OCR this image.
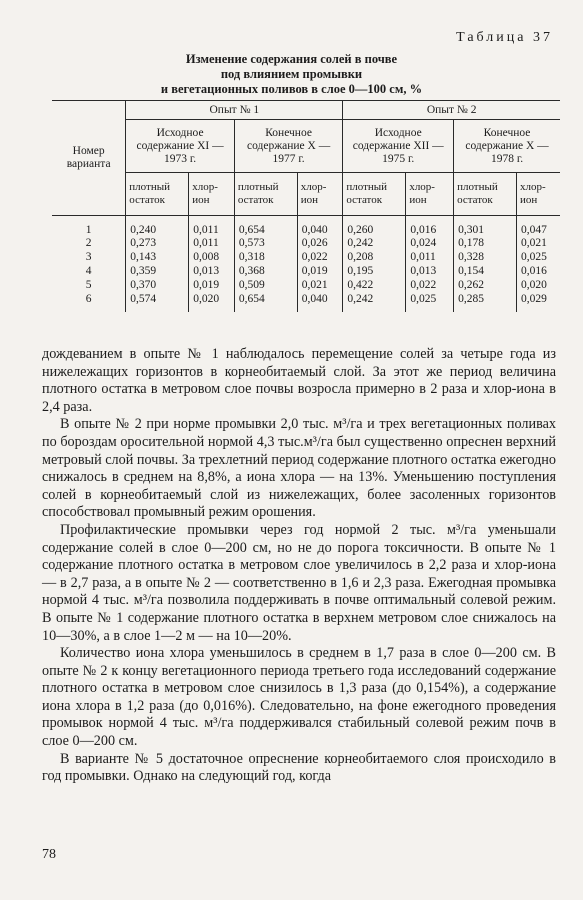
Таблица 37
Изменение содержания солей в почве
под влиянием промывки
и вегетационных поливов в слое 0—100 см, %
Номер варианта	Опыт № 1				Опыт № 2			
	Исходное содержание XI — 1973 г.		Конечное содержание X — 1977 г.		Исходное содержание XII — 1975 г.		Конечное содержание X — 1978 г.	
	плотный остаток	хлор-ион	плотный остаток	хлор-ион	плотный остаток	хлор-ион	плотный остаток	хлор-ион
1	0,240	0,011	0,654	0,040	0,260	0,016	0,301	0,047
2	0,273	0,011	0,573	0,026	0,242	0,024	0,178	0,021
3	0,143	0,008	0,318	0,022	0,208	0,011	0,328	0,025
4	0,359	0,013	0,368	0,019	0,195	0,013	0,154	0,016
5	0,370	0,019	0,509	0,021	0,422	0,022	0,262	0,020
6	0,574	0,020	0,654	0,040	0,242	0,025	0,285	0,029

дождеванием в опыте № 1 наблюдалось перемещение солей за четыре года из нижележащих горизонтов в корнеобитаемый слой. За этот же период величина плотного остатка в метровом слое почвы возросла примерно в 2 раза и хлор-иона в 2,4 раза.

В опыте № 2 при норме промывки 2,0 тыс. м³/га и трех вегетационных поливах по бороздам оросительной нормой 4,3 тыс.м³/га был существенно опреснен верхний метровый слой почвы. За трехлетний период содержание плотного остатка ежегодно снижалось в среднем на 8,8%, а иона хлора — на 13%. Уменьшению поступления солей в корнеобитаемый слой из нижележащих, более засоленных горизонтов способствовал промывный режим орошения.

Профилактические промывки через год нормой 2 тыс. м³/га уменьшали содержание солей в слое 0—200 см, но не до порога токсичности. В опыте № 1 содержание плотного остатка в метровом слое увеличилось в 2,2 раза и хлор-иона — в 2,7 раза, а в опыте № 2 — соответственно в 1,6 и 2,3 раза. Ежегодная промывка нормой 4 тыс. м³/га позволила поддерживать в почве оптимальный солевой режим. В опыте № 1 содержание плотного остатка в верхнем метровом слое снижалось на 10—30%, а в слое 1—2 м — на 10—20%.

Количество иона хлора уменьшилось в среднем в 1,7 раза в слое 0—200 см. В опыте № 2 к концу вегетационного периода третьего года исследований содержание плотного остатка в метровом слое снизилось в 1,3 раза (до 0,154%), а содержание иона хлора в 1,2 раза (до 0,016%). Следовательно, на фоне ежегодного проведения промывок нормой 4 тыс. м³/га поддерживался стабильный солевой режим почв в слое 0—200 см.

В варианте № 5 достаточное опреснение корнеобитаемого слоя происходило в год промывки. Однако на следующий год, когда

78
